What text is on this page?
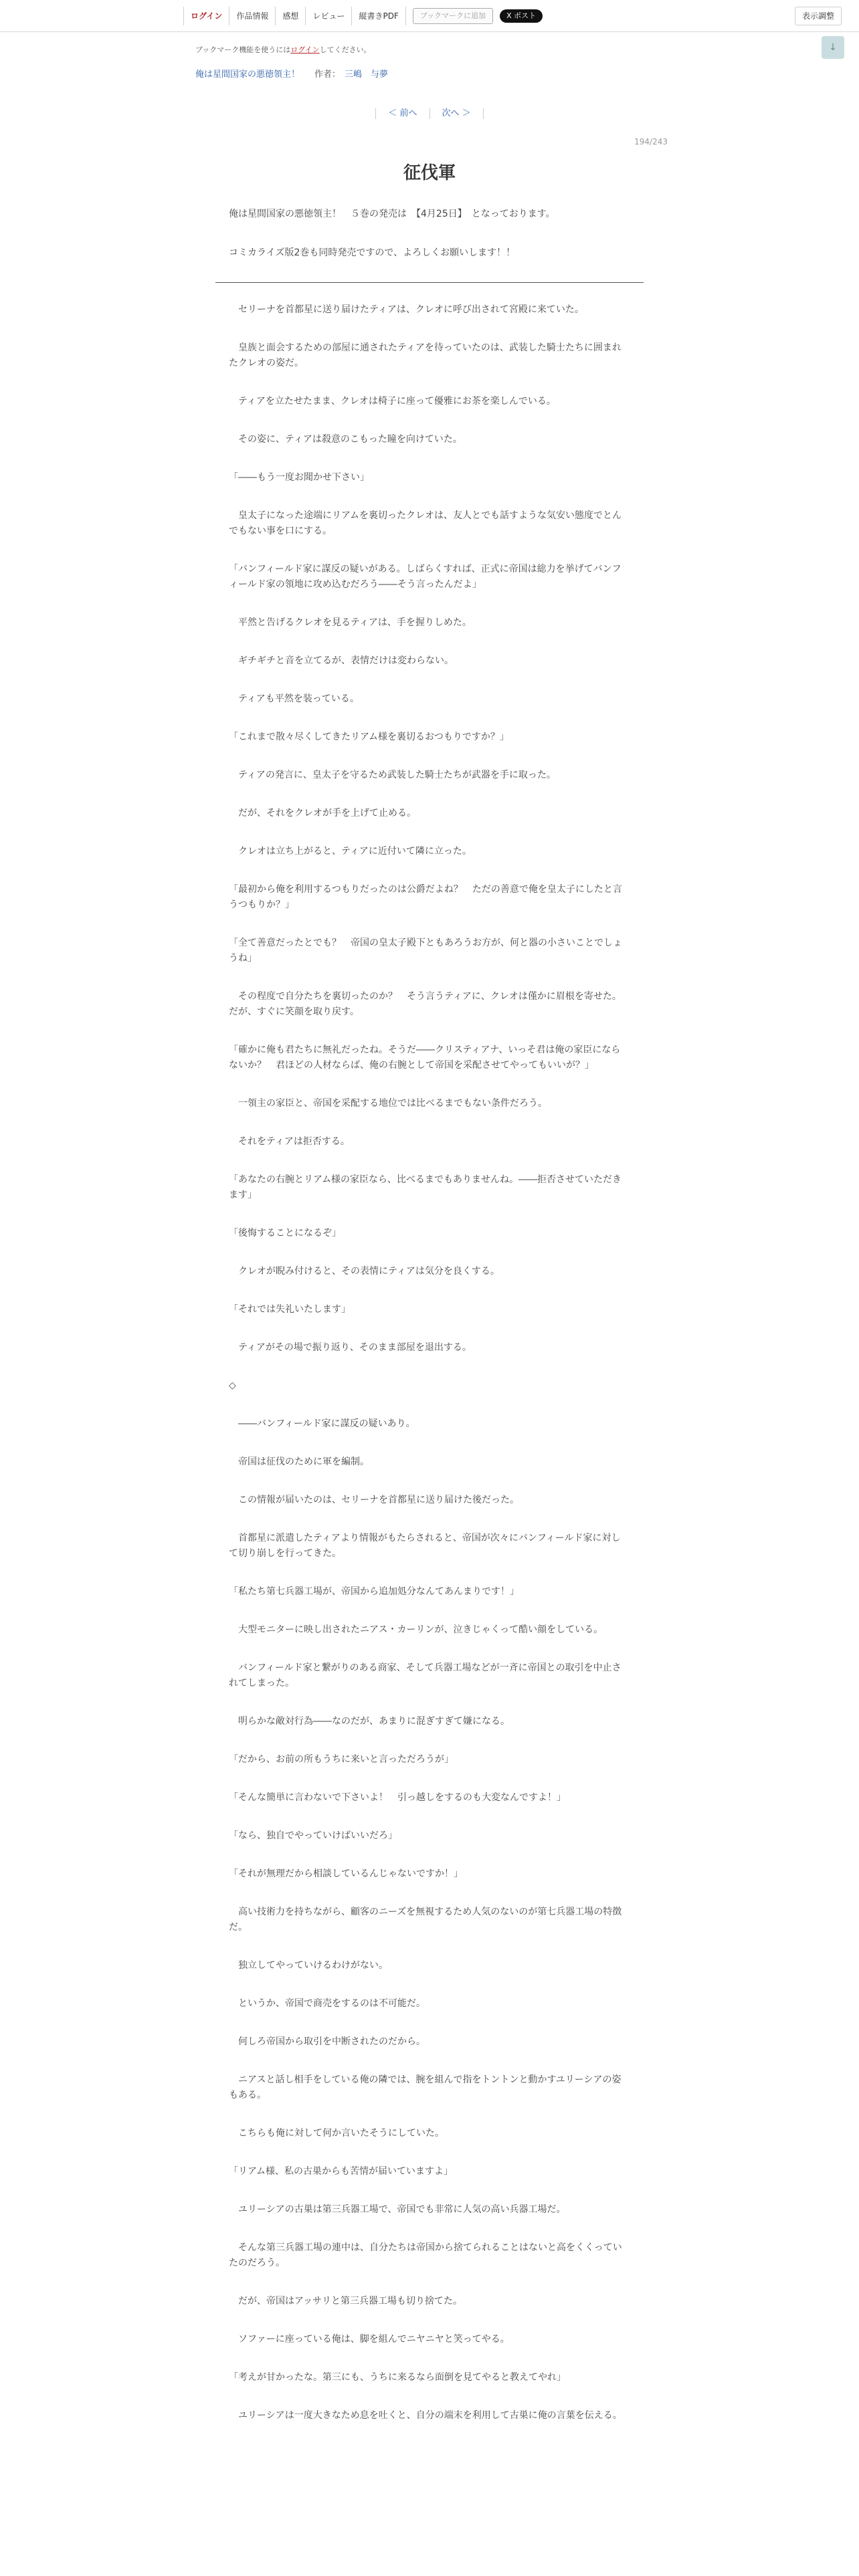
ログイン	作品情報	感想	レビュー	縦書きPDF	ブックマークに追加	X ポスト	表示調整
ブックマーク機能を使うにはログインしてください。	↓
俺は星間国家の悪徳領主！ 作者： 三嶋　与夢
＜ 前へ	次へ ＞
194/243
征伐軍

俺は星間国家の悪徳領主！　５巻の発売は　【4月25日】　となっております。

コミカライズ版2巻も同時発売ですので、よろしくお願いします！！

　セリーナを首都星に送り届けたティアは、クレオに呼び出されて宮殿に来ていた。

　皇族と面会するための部屋に通されたティアを待っていたのは、武装した騎士たちに囲まれたクレオの姿だ。

　ティアを立たせたまま、クレオは椅子に座って優雅にお茶を楽しんでいる。

　その姿に、ティアは殺意のこもった瞳を向けていた。

「――もう一度お聞かせ下さい」

　皇太子になった途端にリアムを裏切ったクレオは、友人とでも話すような気安い態度でとんでもない事を口にする。

「バンフィールド家に謀反の疑いがある。しばらくすれば、正式に帝国は総力を挙げてバンフィールド家の領地に攻め込むだろう――そう言ったんだよ」

　平然と告げるクレオを見るティアは、手を握りしめた。

　ギチギチと音を立てるが、表情だけは変わらない。

　ティアも平然を装っている。

「これまで散々尽くしてきたリアム様を裏切るおつもりですか？」

　ティアの発言に、皇太子を守るため武装した騎士たちが武器を手に取った。

　だが、それをクレオが手を上げて止める。

　クレオは立ち上がると、ティアに近付いて隣に立った。

「最初から俺を利用するつもりだったのは公爵だよね？　ただの善意で俺を皇太子にしたと言うつもりか？」

「全て善意だったとでも？　帝国の皇太子殿下ともあろうお方が、何と器の小さいことでしょうね」

　その程度で自分たちを裏切ったのか？　そう言うティアに、クレオは僅かに眉根を寄せた。だが、すぐに笑顔を取り戻す。

「確かに俺も君たちに無礼だったね。そうだ――クリスティアナ、いっそ君は俺の家臣にならないか？　君ほどの人材ならば、俺の右腕として帝国を采配させてやってもいいが？」

　一領主の家臣と、帝国を采配する地位では比べるまでもない条件だろう。

　それをティアは拒否する。

「あなたの右腕とリアム様の家臣なら、比べるまでもありませんね。――拒否させていただきます」

「後悔することになるぞ」

　クレオが睨み付けると、その表情にティアは気分を良くする。

「それでは失礼いたします」

　ティアがその場で振り返り、そのまま部屋を退出する。

◇

　――バンフィールド家に謀反の疑いあり。

　帝国は征伐のために軍を編制。

　この情報が届いたのは、セリーナを首都星に送り届けた後だった。

　首都星に派遣したティアより情報がもたらされると、帝国が次々にバンフィールド家に対して切り崩しを行ってきた。

「私たち第七兵器工場が、帝国から追加処分なんてあんまりです！」

　大型モニターに映し出されたニアス・カーリンが、泣きじゃくって酷い顔をしている。

　バンフィールド家と繋がりのある商家、そして兵器工場などが一斉に帝国との取引を中止されてしまった。

　明らかな敵対行為――なのだが、あまりに混ぎすぎて嫌になる。

「だから、お前の所もうちに来いと言っただろうが」

「そんな簡単に言わないで下さいよ！　引っ越しをするのも大変なんですよ！」

「なら、独自でやっていけばいいだろ」

「それが無理だから相談しているんじゃないですか！」

　高い技術力を持ちながら、顧客のニーズを無視するため人気のないのが第七兵器工場の特徴だ。

　独立してやっていけるわけがない。

　というか、帝国で商売をするのは不可能だ。

　何しろ帝国から取引を中断されたのだから。

　ニアスと話し相手をしている俺の隣では、腕を組んで指をトントンと動かすユリーシアの姿もある。

　こちらも俺に対して何か言いたそうにしていた。

「リアム様、私の古巣からも苦情が届いていますよ」

　ユリーシアの古巣は第三兵器工場で、帝国でも非常に人気の高い兵器工場だ。

　そんな第三兵器工場の連中は、自分たちは帝国から捨てられることはないと高をくくっていたのだろう。

　だが、帝国はアッサリと第三兵器工場も切り捨てた。

　ソファーに座っている俺は、脚を組んでニヤニヤと笑ってやる。

「考えが甘かったな。第三にも、うちに来るなら面倒を見てやると教えてやれ」

　ユリーシアは一度大きなため息を吐くと、自分の端末を利用して古巣に俺の言葉を伝える。
